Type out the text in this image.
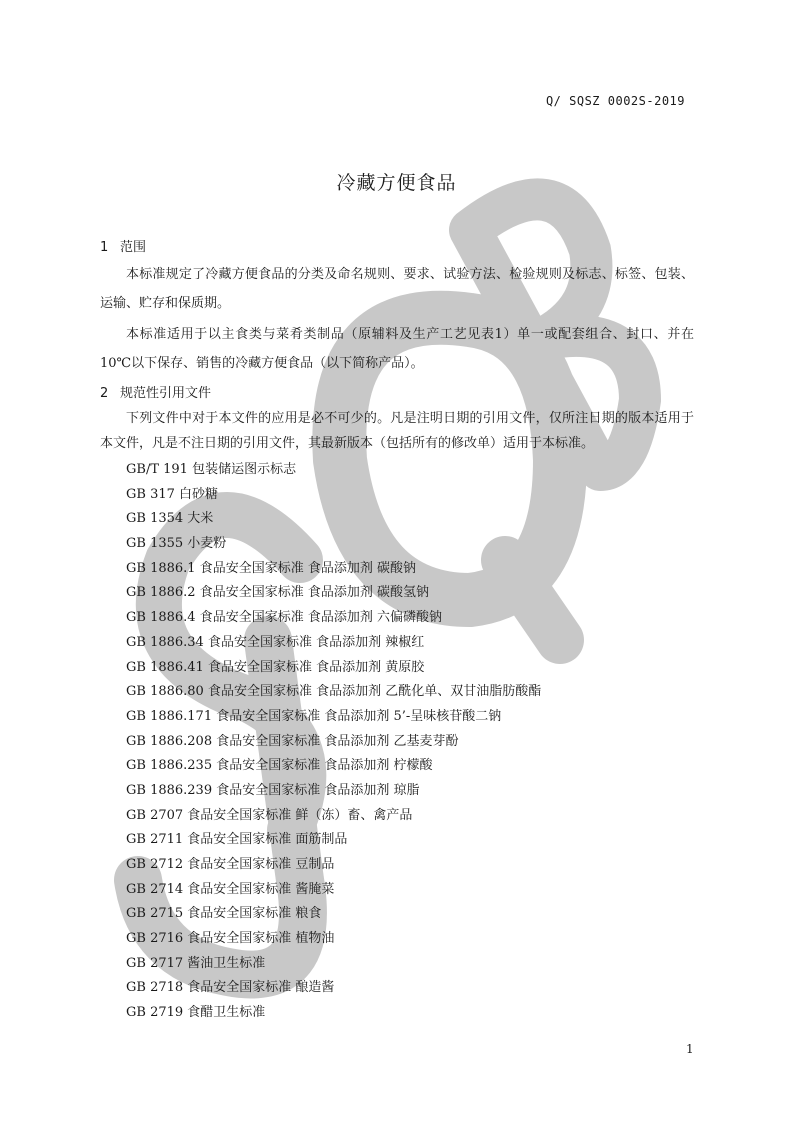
Q/ SQSZ 0002S-2019
冷藏方便食品
1 范围
本标准规定了冷藏方便食品的分类及命名规则、要求、试验方法、检验规则及标志、标签、包装、运输、贮存和保质期。
本标准适用于以主食类与菜肴类制品（原辅料及生产工艺见表1）单一或配套组合、封口、并在10℃以下保存、销售的冷藏方便食品（以下简称产品）。
2 规范性引用文件
下列文件中对于本文件的应用是必不可少的。凡是注明日期的引用文件，仅所注日期的版本适用于本文件，凡是不注日期的引用文件，其最新版本（包括所有的修改单）适用于本标准。
GB/T 191 包装储运图示标志
GB 317 白砂糖
GB 1354 大米
GB 1355 小麦粉
GB 1886.1 食品安全国家标准 食品添加剂 碳酸钠
GB 1886.2 食品安全国家标准 食品添加剂 碳酸氢钠
GB 1886.4 食品安全国家标准 食品添加剂 六偏磷酸钠
GB 1886.34 食品安全国家标准 食品添加剂 辣椒红
GB 1886.41 食品安全国家标准 食品添加剂 黄原胶
GB 1886.80 食品安全国家标准 食品添加剂 乙酰化单、双甘油脂肪酸酯
GB 1886.171 食品安全国家标准 食品添加剂 5’-呈味核苷酸二钠
GB 1886.208 食品安全国家标准 食品添加剂 乙基麦芽酚
GB 1886.235 食品安全国家标准 食品添加剂 柠檬酸
GB 1886.239 食品安全国家标准 食品添加剂 琼脂
GB 2707 食品安全国家标准 鲜（冻）畜、禽产品
GB 2711 食品安全国家标准 面筋制品
GB 2712 食品安全国家标准 豆制品
GB 2714 食品安全国家标准 酱腌菜
GB 2715 食品安全国家标准 粮食
GB 2716 食品安全国家标准 植物油
GB 2717 酱油卫生标准
GB 2718 食品安全国家标准 酿造酱
GB 2719 食醋卫生标准
1
